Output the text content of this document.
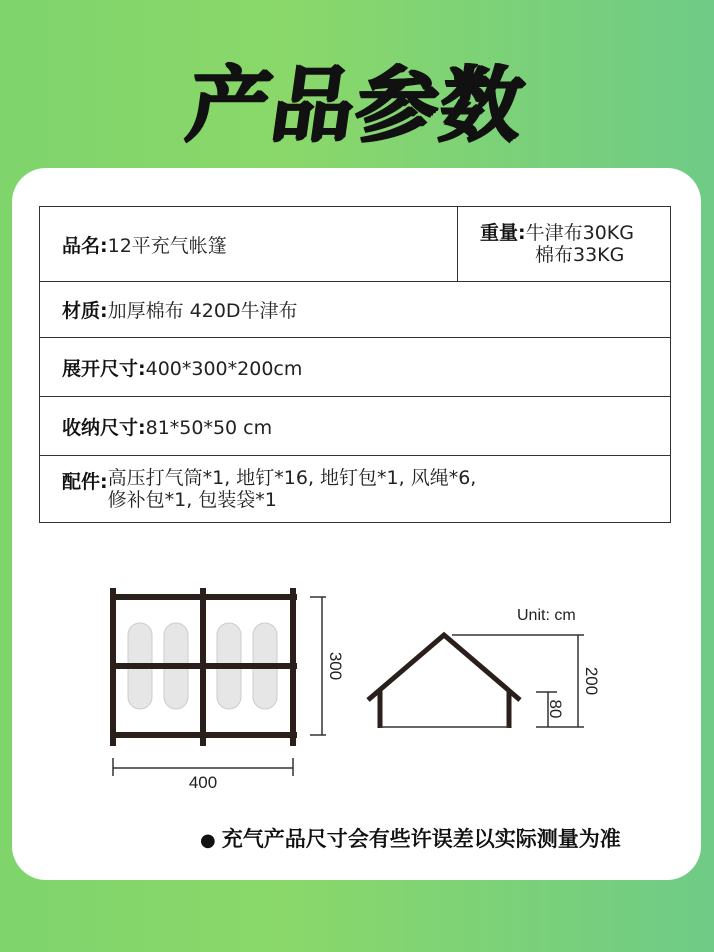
产品参数
品名:12平充气帐篷	重量:牛津布30KG
棉布33KG

材质:加厚棉布 420D牛津布
展开尺寸:400*300*200cm
收纳尺寸:81*50*50 cm

配件: 高压打气筒*1, 地钉*16, 地钉包*1, 风绳*6,
修补包*1, 包装袋*1
400
300
Unit: cm
200
80
● 充气产品尺寸会有些许误差以实际测量为准
